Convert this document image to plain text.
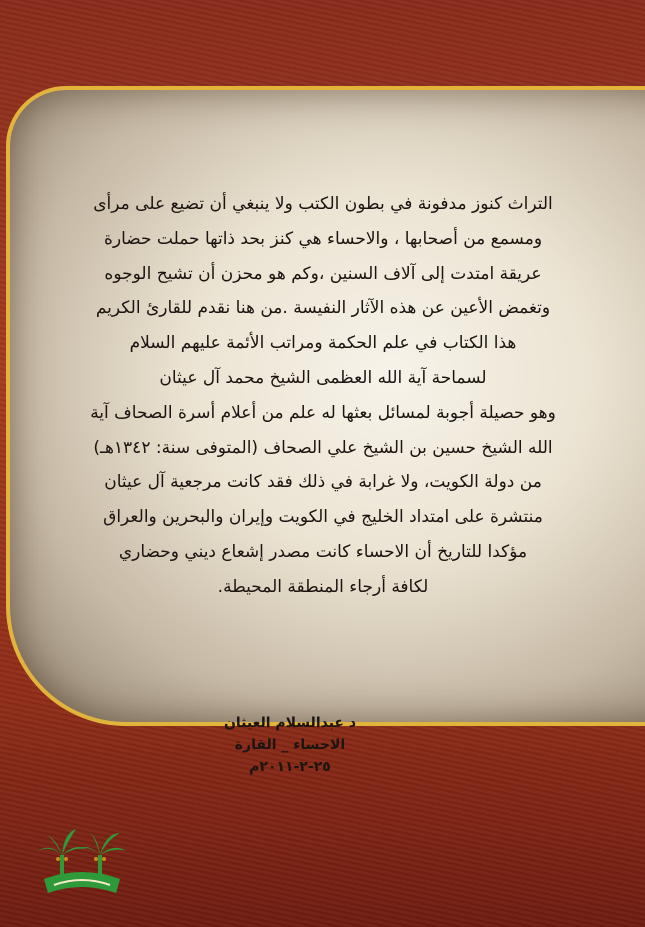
التراث كنوز مدفونة في بطون الكتب ولا ينبغي أن تضيع على مرأى
ومسمع من أصحابها ، والاحساء هي كنز بحد ذاتها حملت حضارة
عريقة امتدت إلى آلاف السنين ،وكم هو محزن أن تشيح الوجوه
وتغمض الأعين عن هذه الآثار النفيسة .من هنا نقدم للقارئ الكريم
هذا الكتاب في علم الحكمة ومراتب الأئمة عليهم السلام
لسماحة آية الله العظمى الشيخ محمد آل عيثان
وهو حصيلة أجوبة لمسائل بعثها له علم من أعلام أسرة الصحاف آية
الله الشيخ حسين بن الشيخ علي الصحاف (المتوفى سنة: ١٣٤٢هـ)
من دولة الكويت، ولا غرابة في ذلك فقد كانت مرجعية آل عيثان
منتشرة على امتداد الخليج في الكويت وإيران والبحرين والعراق
مؤكدا للتاريخ أن الاحساء كانت مصدر إشعاع ديني وحضاري
لكافة أرجاء المنطقة المحيطة.
د عبدالسلام العيثان
الاحساء _ القارة
٢٥-٢-٢٠١١م
